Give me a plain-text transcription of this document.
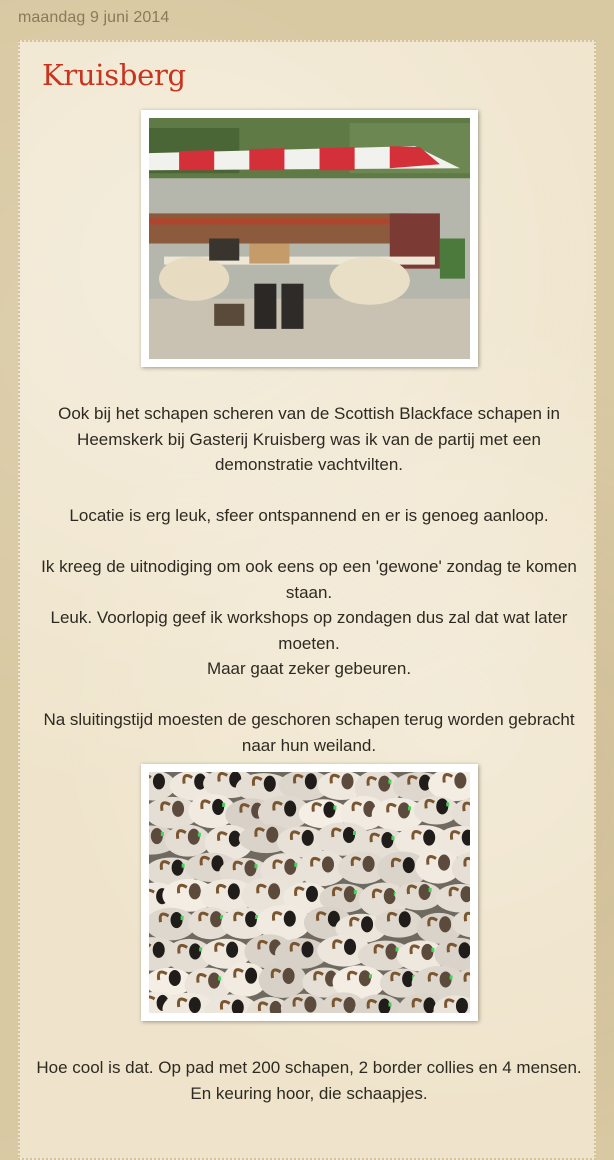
maandag 9 juni 2014
Kruisberg

Ook bij het schapen scheren van de Scottish Blackface schapen in Heemskerk bij Gasterij Kruisberg was ik van de partij met een demonstratie vachtvilten.

Locatie is erg leuk, sfeer ontspannend en er is genoeg aanloop.

Ik kreeg de uitnodiging om ook eens op een 'gewone' zondag te komen staan.

Leuk. Voorlopig geef ik workshops op zondagen dus zal dat wat later moeten.

Maar gaat zeker gebeuren.

Na sluitingstijd moesten de geschoren schapen terug worden gebracht naar hun weiland.

Hoe cool is dat. Op pad met 200 schapen, 2 border collies en 4 mensen.

En keuring hoor, die schaapjes.
